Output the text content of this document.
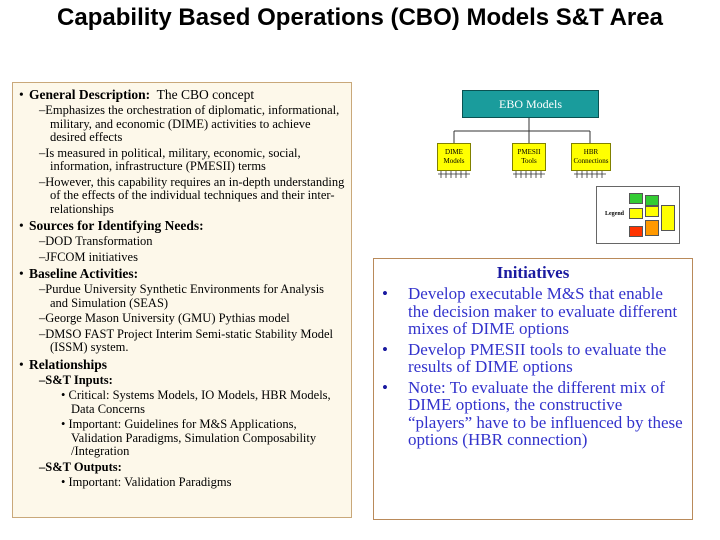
Capability Based Operations (CBO) Models S&T Area
• General Description: The CBO concept
–Emphasizes the orchestration of diplomatic, informational, military, and economic (DIME) activities to achieve desired effects
–Is measured in political, military, economic, social, information, infrastructure (PMESII) terms
–However, this capability requires an in-depth understanding of the effects of the individual techniques and their inter-relationships
• Sources for Identifying Needs:
–DOD Transformation
–JFCOM initiatives
• Baseline Activities:
–Purdue University Synthetic Environments for Analysis and Simulation (SEAS)
–George Mason University (GMU) Pythias model
–DMSO FAST Project Interim Semi-static Stability Model (ISSM) system.
• Relationships
–S&T Inputs:
• Critical: Systems Models, IO Models, HBR Models, Data Concerns
• Important: Guidelines for M&S Applications, Validation Paradigms, Simulation Composability /Integration
–S&T Outputs:
• Important: Validation Paradigms
EBO Models
DIME
Models
PMESII
Tools
HBR
Connections
Legend
Initiatives
• Develop executable M&S that enable the decision maker to evaluate different mixes of DIME options
• Develop PMESII tools to evaluate the results of DIME options
• Note: To evaluate the different mix of DIME options, the constructive “players” have to be influenced by these options (HBR connection)
